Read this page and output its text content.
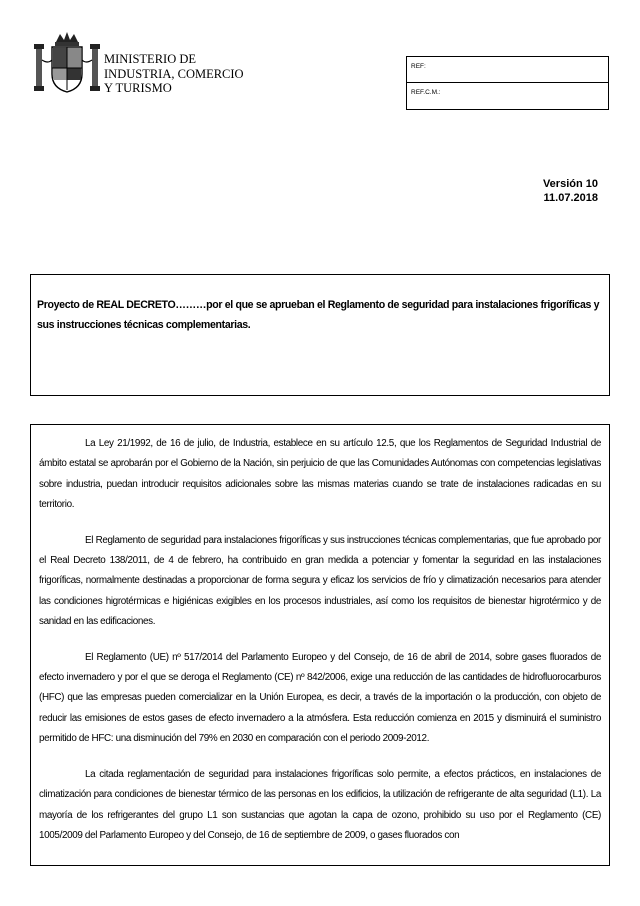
MINISTERIO DE
INDUSTRIA, COMERCIO
Y TURISMO
REF:
REF.C.M.:
Versión 10
11.07.2018

Proyecto de REAL DECRETO………por el que se aprueban el Reglamento de seguridad para instalaciones frigoríficas y sus instrucciones técnicas complementarias.

La Ley 21/1992, de 16 de julio, de Industria, establece en su artículo 12.5, que los Reglamentos de Seguridad Industrial de ámbito estatal se aprobarán por el Gobierno de la Nación, sin perjuicio de que las Comunidades Autónomas con competencias legislativas sobre industria, puedan introducir requisitos adicionales sobre las mismas materias cuando se trate de instalaciones radicadas en su territorio.

El Reglamento de seguridad para instalaciones frigoríficas y sus instrucciones técnicas complementarias, que fue aprobado por el Real Decreto 138/2011, de 4 de febrero, ha contribuido en gran medida a potenciar y fomentar la seguridad en las instalaciones frigoríficas, normalmente destinadas a proporcionar de forma segura y eficaz los servicios de frío y climatización necesarios para atender las condiciones higrotérmicas e higiénicas exigibles en los procesos industriales, así como los requisitos de bienestar higrotérmico y de sanidad en las edificaciones.

El Reglamento (UE) nº 517/2014 del Parlamento Europeo y del Consejo, de 16 de abril de 2014, sobre gases fluorados de efecto invernadero y por el que se deroga el Reglamento (CE) nº 842/2006, exige una reducción de las cantidades de hidrofluorocarburos (HFC) que las empresas pueden comercializar en la Unión Europea, es decir, a través de la importación o la producción, con objeto de reducir las emisiones de estos gases de efecto invernadero a la atmósfera. Esta reducción comienza en 2015 y disminuirá el suministro permitido de HFC: una disminución del 79% en 2030 en comparación con el periodo 2009-2012.

La citada reglamentación de seguridad para instalaciones frigoríficas solo permite, a efectos prácticos, en instalaciones de climatización para condiciones de bienestar térmico de las personas en los edificios, la utilización de refrigerante de alta seguridad (L1). La mayoría de los refrigerantes del grupo L1 son sustancias que agotan la capa de ozono, prohibido su uso por el Reglamento (CE) 1005/2009 del Parlamento Europeo y del Consejo, de 16 de septiembre de 2009, o gases fluorados con
